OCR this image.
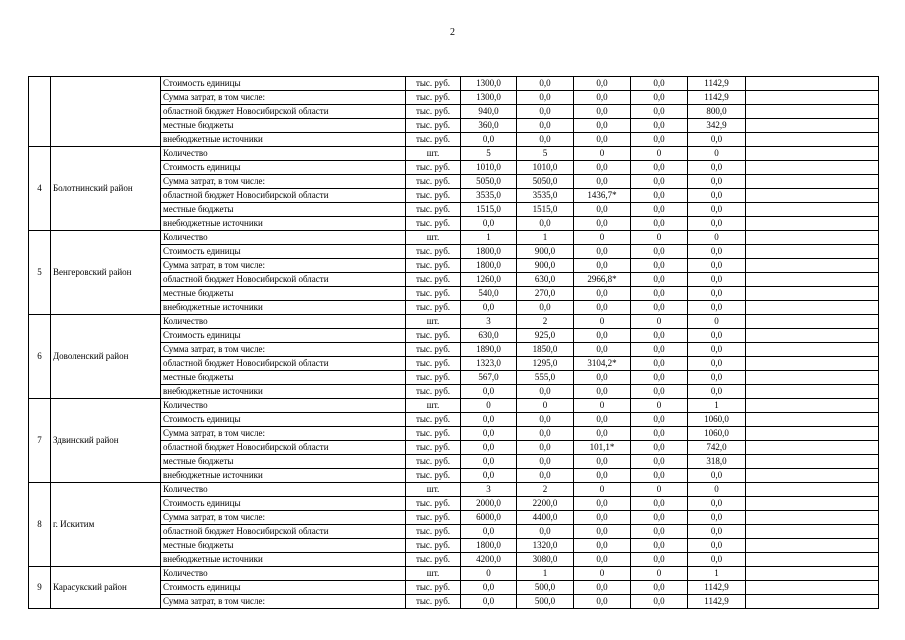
2
		Стоимость единицы	тыс. руб.	1300,0	0,0	0,0	0,0	1142,9	
		Сумма затрат, в том числе:	тыс. руб.	1300,0	0,0	0,0	0,0	1142,9	
		областной бюджет Новосибирской области	тыс. руб.	940,0	0,0	0,0	0,0	800,0	
		местные бюджеты	тыс. руб.	360,0	0,0	0,0	0,0	342,9	
		внебюджетные источники	тыс. руб.	0,0	0,0	0,0	0,0	0,0	
4	Болотнинский район	Количество	шт.	5	5	0	0	0	
		Стоимость единицы	тыс. руб.	1010,0	1010,0	0,0	0,0	0,0	
		Сумма затрат, в том числе:	тыс. руб.	5050,0	5050,0	0,0	0,0	0,0	
		областной бюджет Новосибирской области	тыс. руб.	3535,0	3535,0	1436,7*	0,0	0,0	
		местные бюджеты	тыс. руб.	1515,0	1515,0	0,0	0,0	0,0	
		внебюджетные источники	тыс. руб.	0,0	0,0	0,0	0,0	0,0	
5	Венгеровский район	Количество	шт.	1	1	0	0	0	
		Стоимость единицы	тыс. руб.	1800,0	900,0	0,0	0,0	0,0	
		Сумма затрат, в том числе:	тыс. руб.	1800,0	900,0	0,0	0,0	0,0	
		областной бюджет Новосибирской области	тыс. руб.	1260,0	630,0	2966,8*	0,0	0,0	
		местные бюджеты	тыс. руб.	540,0	270,0	0,0	0,0	0,0	
		внебюджетные источники	тыс. руб.	0,0	0,0	0,0	0,0	0,0	
6	Доволенский район	Количество	шт.	3	2	0	0	0	
		Стоимость единицы	тыс. руб.	630,0	925,0	0,0	0,0	0,0	
		Сумма затрат, в том числе:	тыс. руб.	1890,0	1850,0	0,0	0,0	0,0	
		областной бюджет Новосибирской области	тыс. руб.	1323,0	1295,0	3104,2*	0,0	0,0	
		местные бюджеты	тыс. руб.	567,0	555,0	0,0	0,0	0,0	
		внебюджетные источники	тыс. руб.	0,0	0,0	0,0	0,0	0,0	
7	Здвинский район	Количество	шт.	0	0	0	0	1	
		Стоимость единицы	тыс. руб.	0,0	0,0	0,0	0,0	1060,0	
		Сумма затрат, в том числе:	тыс. руб.	0,0	0,0	0,0	0,0	1060,0	
		областной бюджет Новосибирской области	тыс. руб.	0,0	0,0	101,1*	0,0	742,0	
		местные бюджеты	тыс. руб.	0,0	0,0	0,0	0,0	318,0	
		внебюджетные источники	тыс. руб.	0,0	0,0	0,0	0,0	0,0	
8	г. Искитим	Количество	шт.	3	2	0	0	0	
		Стоимость единицы	тыс. руб.	2000,0	2200,0	0,0	0,0	0,0	
		Сумма затрат, в том числе:	тыс. руб.	6000,0	4400,0	0,0	0,0	0,0	
		областной бюджет Новосибирской области	тыс. руб.	0,0	0,0	0,0	0,0	0,0	
		местные бюджеты	тыс. руб.	1800,0	1320,0	0,0	0,0	0,0	
		внебюджетные источники	тыс. руб.	4200,0	3080,0	0,0	0,0	0,0	
9	Карасукский район	Количество	шт.	0	1	0	0	1	
		Стоимость единицы	тыс. руб.	0,0	500,0	0,0	0,0	1142,9	
		Сумма затрат, в том числе:	тыс. руб.	0,0	500,0	0,0	0,0	1142,9	
